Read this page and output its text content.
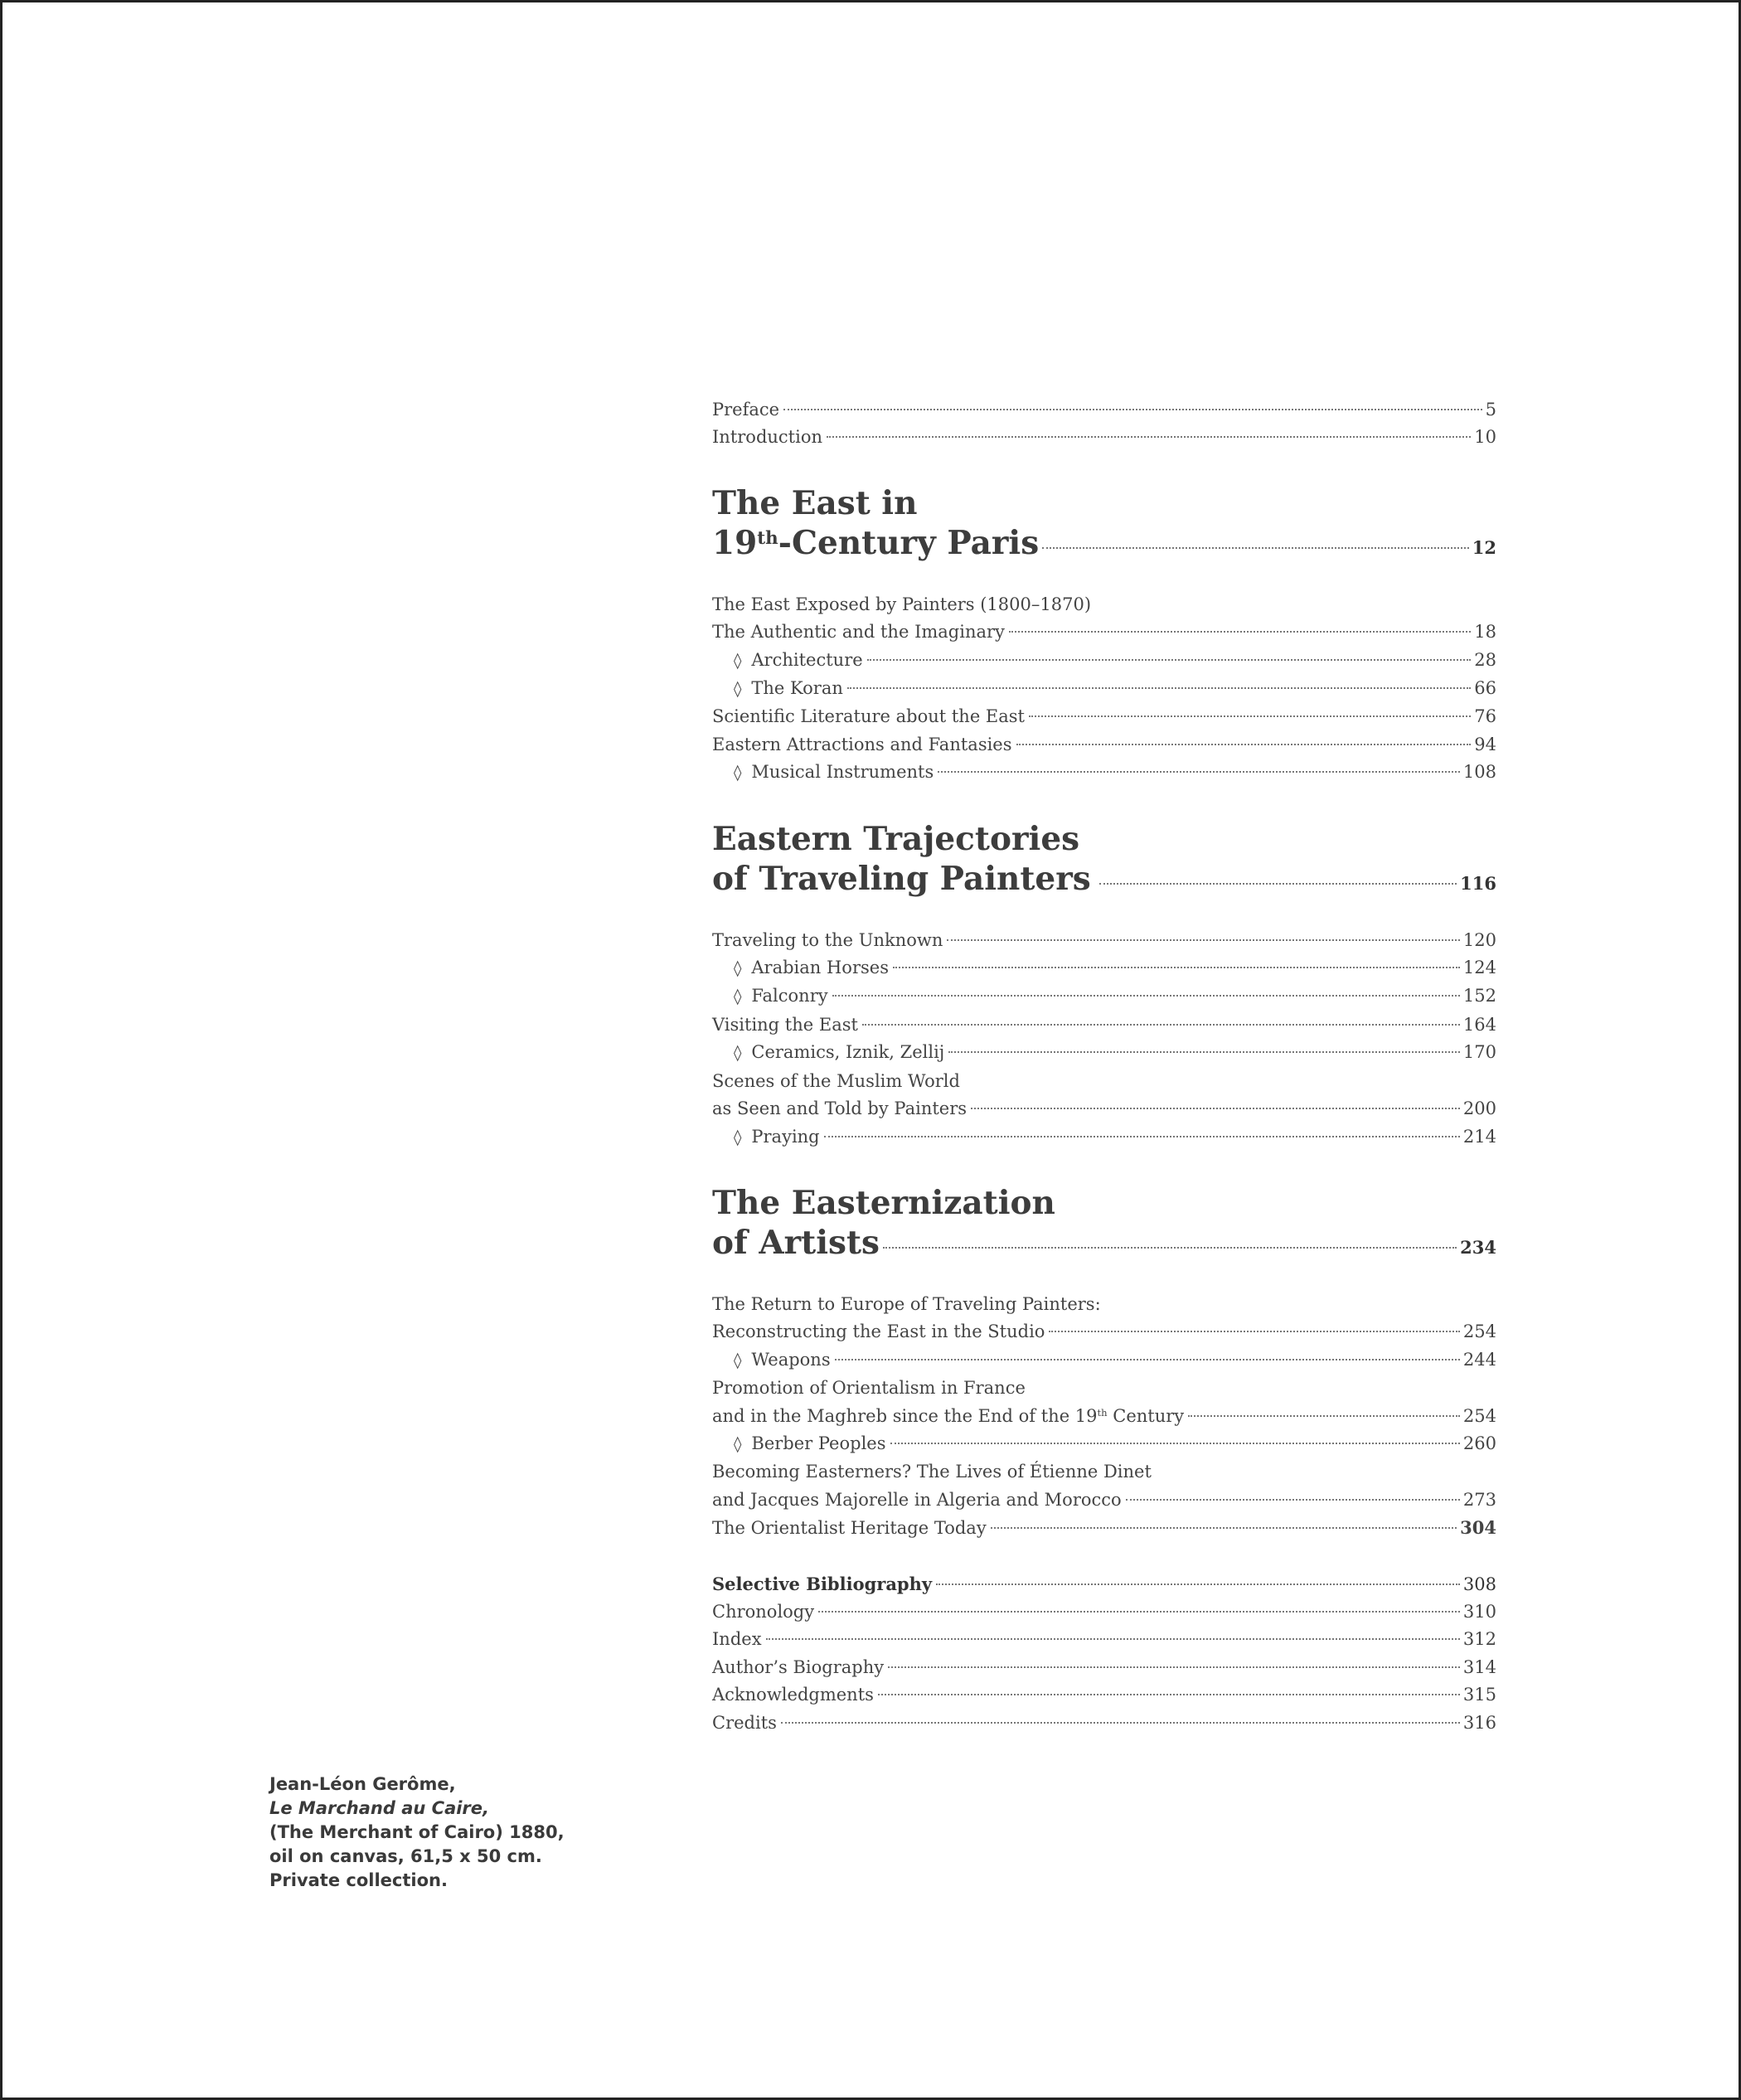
Preface	5
Introduction	10
The East in
19th-Century Paris	12
The East Exposed by Painters (1800–1870)
The Authentic and the Imaginary	18
◊ Architecture	28
◊ The Koran	66
Scientific Literature about the East	76
Eastern Attractions and Fantasies	94
◊ Musical Instruments	108
Eastern Trajectories
of Traveling Painters	116
Traveling to the Unknown	120
◊ Arabian Horses	124
◊ Falconry	152
Visiting the East	164
◊ Ceramics, Iznik, Zellij	170
Scenes of the Muslim World
as Seen and Told by Painters	200
◊ Praying	214
The Easternization
of Artists	234
The Return to Europe of Traveling Painters:
Reconstructing the East in the Studio	254
◊ Weapons	244
Promotion of Orientalism in France
and in the Maghreb since the End of the 19th Century	254
◊ Berber Peoples	260
Becoming Easterners? The Lives of Étienne Dinet
and Jacques Majorelle in Algeria and Morocco	273
The Orientalist Heritage Today	304
Selective Bibliography	308
Chronology	310
Index	312
Author’s Biography	314
Acknowledgments	315
Credits	316
Jean-Léon Gerôme,
Le Marchand au Caire,
(The Merchant of Cairo) 1880,
oil on canvas, 61,5 x 50 cm.
Private collection.
